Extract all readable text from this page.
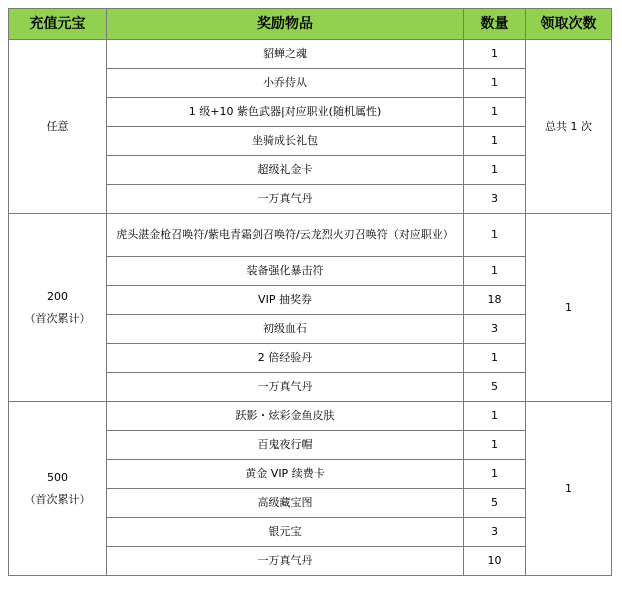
充值元宝	奖励物品	数量	领取次数

任意	貂蝉之魂	1	总共 1 次
	小乔侍从	1	
	1 级+10 紫色武器|对应职业(随机属性)	1	
	坐骑成长礼包	1	
	超级礼金卡	1	
	一万真气丹	3	

200
（首次累计）	虎头湛金枪召唤符/紫电青霜剑召唤符/云龙烈火刃召唤符（对应职业）	1	1
	装备强化暴击符	1	
	VIP 抽奖券	18	
	初级血石	3	
	2 倍经验丹	1	
	一万真气丹	5	

500
（首次累计）	跃影・炫彩金鱼皮肤	1	1
	百鬼夜行帽	1	
	黄金 VIP 续费卡	1	
	高级藏宝图	5	
	银元宝	3	
	一万真气丹	10	
